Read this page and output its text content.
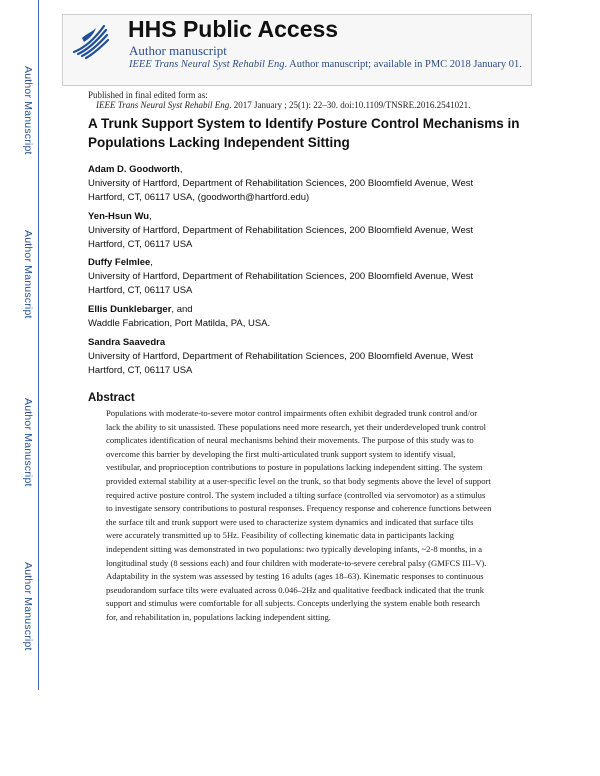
Author Manuscript
Author Manuscript
Author Manuscript
Author Manuscript
HHS Public Access
Author manuscript
IEEE Trans Neural Syst Rehabil Eng. Author manuscript; available in PMC 2018 January 01.
Published in final edited form as:
IEEE Trans Neural Syst Rehabil Eng. 2017 January ; 25(1): 22–30. doi:10.1109/TNSRE.2016.2541021.
A Trunk Support System to Identify Posture Control Mechanisms in Populations Lacking Independent Sitting
Adam D. Goodworth,
University of Hartford, Department of Rehabilitation Sciences, 200 Bloomfield Avenue, West Hartford, CT, 06117 USA, (goodworth@hartford.edu)
Yen-Hsun Wu,
University of Hartford, Department of Rehabilitation Sciences, 200 Bloomfield Avenue, West Hartford, CT, 06117 USA
Duffy Felmlee,
University of Hartford, Department of Rehabilitation Sciences, 200 Bloomfield Avenue, West Hartford, CT, 06117 USA
Ellis Dunklebarger, and
Waddle Fabrication, Port Matilda, PA, USA.
Sandra Saavedra
University of Hartford, Department of Rehabilitation Sciences, 200 Bloomfield Avenue, West Hartford, CT, 06117 USA
Abstract
Populations with moderate-to-severe motor control impairments often exhibit degraded trunk control and/or lack the ability to sit unassisted. These populations need more research, yet their underdeveloped trunk control complicates identification of neural mechanisms behind their movements. The purpose of this study was to overcome this barrier by developing the first multi-articulated trunk support system to identify visual, vestibular, and proprioception contributions to posture in populations lacking independent sitting. The system provided external stability at a user-specific level on the trunk, so that body segments above the level of support required active posture control. The system included a tilting surface (controlled via servomotor) as a stimulus to investigate sensory contributions to postural responses. Frequency response and coherence functions between the surface tilt and trunk support were used to characterize system dynamics and indicated that surface tilts were accurately transmitted up to 5Hz. Feasibility of collecting kinematic data in participants lacking independent sitting was demonstrated in two populations: two typically developing infants, ~2-8 months, in a longitudinal study (8 sessions each) and four children with moderate-to-severe cerebral palsy (GMFCS III–V). Adaptability in the system was assessed by testing 16 adults (ages 18–63). Kinematic responses to continuous pseudorandom surface tilts were evaluated across 0.046–2Hz and qualitative feedback indicated that the trunk support and stimulus were comfortable for all subjects. Concepts underlying the system enable both research for, and rehabilitation in, populations lacking independent sitting.
